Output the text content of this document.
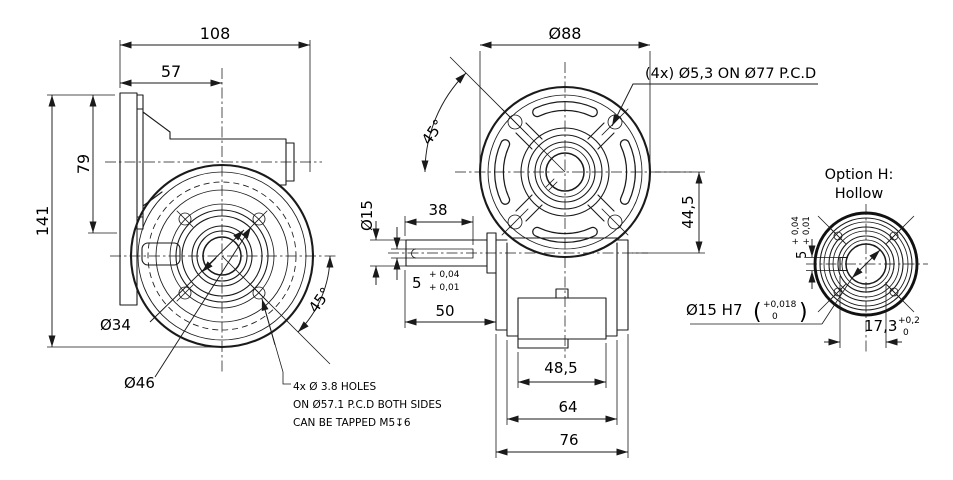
108
57
79
141
45°
Ø34
Ø46	4x Ø 3.8 HOLES
ON Ø57.1 P.C.D BOTH SIDES
CAN BE TAPPED M5↧6
Ø88
45°
(4x) Ø5,3 ON Ø77 P.C.D
44,5
Ø15
5 + 0,04
+ 0,01
38
50
48,5
64
76
Option H:
Hollow
Ø15 H7 ( +0,018
0 )
5
+ 0,04 + 0,01
17,3 +0,2
0
